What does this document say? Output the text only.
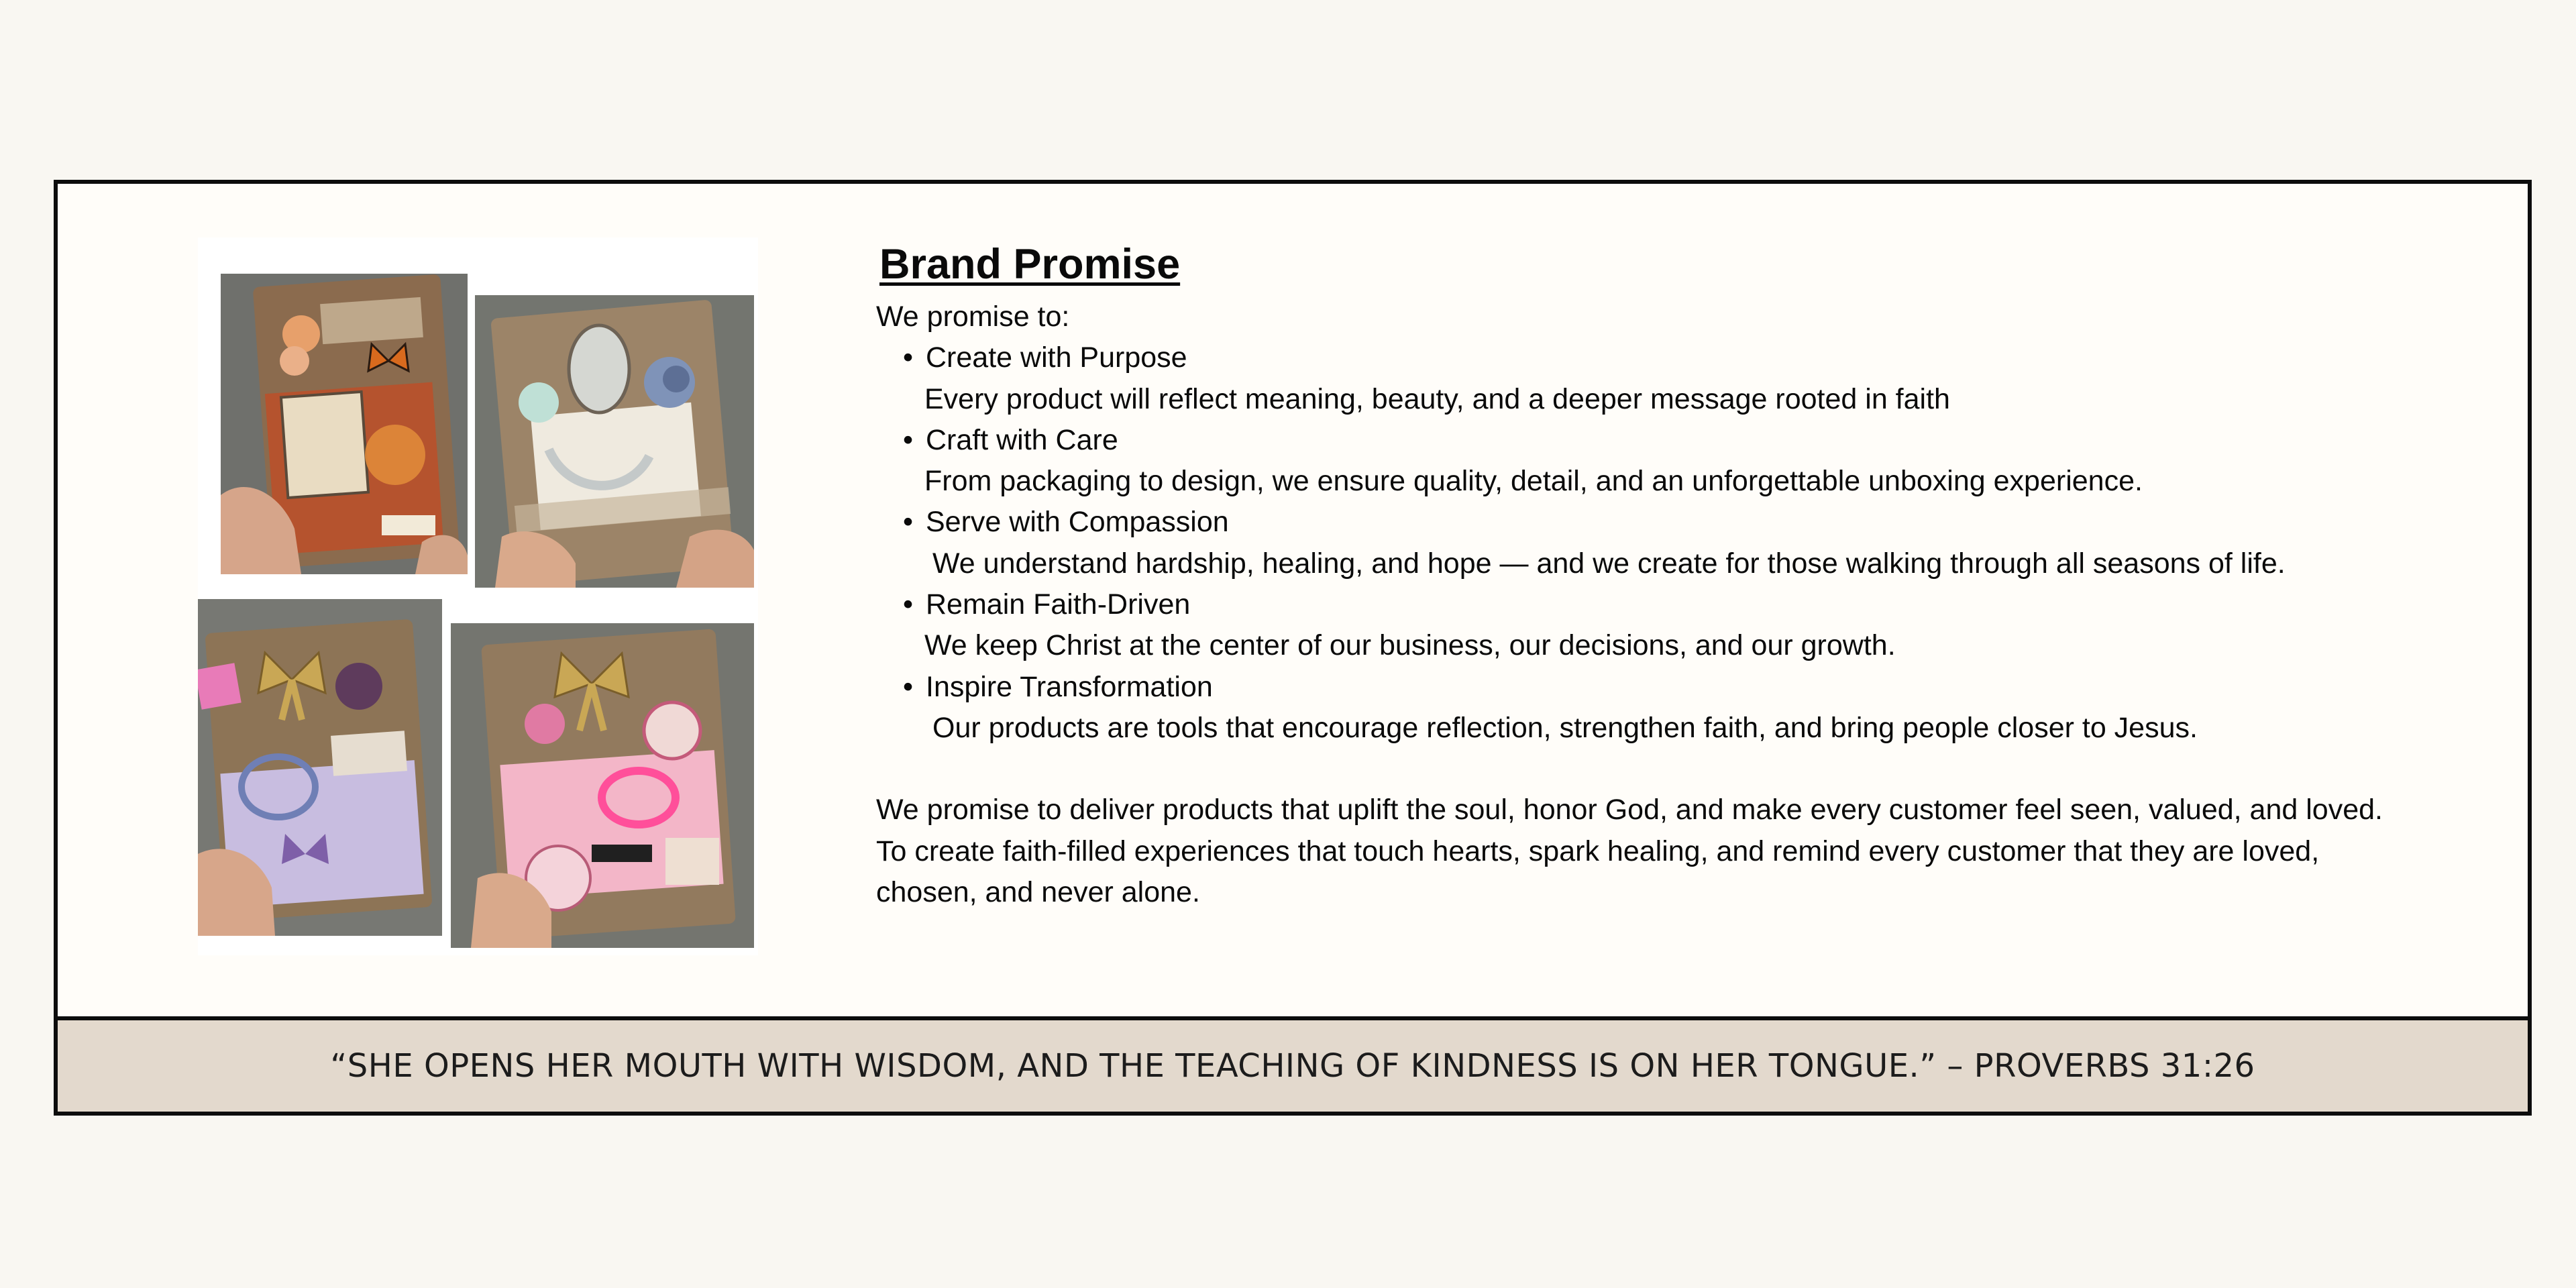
Brand Promise
We promise to:
• Create with Purpose
Every product will reflect meaning, beauty, and a deeper message rooted in faith
• Craft with Care
From packaging to design, we ensure quality, detail, and an unforgettable unboxing experience.
• Serve with Compassion
We understand hardship, healing, and hope — and we create for those walking through all seasons of life.
• Remain Faith-Driven
We keep Christ at the center of our business, our decisions, and our growth.
• Inspire Transformation
Our products are tools that encourage reflection, strengthen faith, and bring people closer to Jesus.
We promise to deliver products that uplift the soul, honor God, and make every customer feel seen, valued, and loved.
To create faith-filled experiences that touch hearts, spark healing, and remind every customer that they are loved,
chosen, and never alone.
“SHE OPENS HER MOUTH WITH WISDOM, AND THE TEACHING OF KINDNESS IS ON HER TONGUE.” – PROVERBS 31:26
